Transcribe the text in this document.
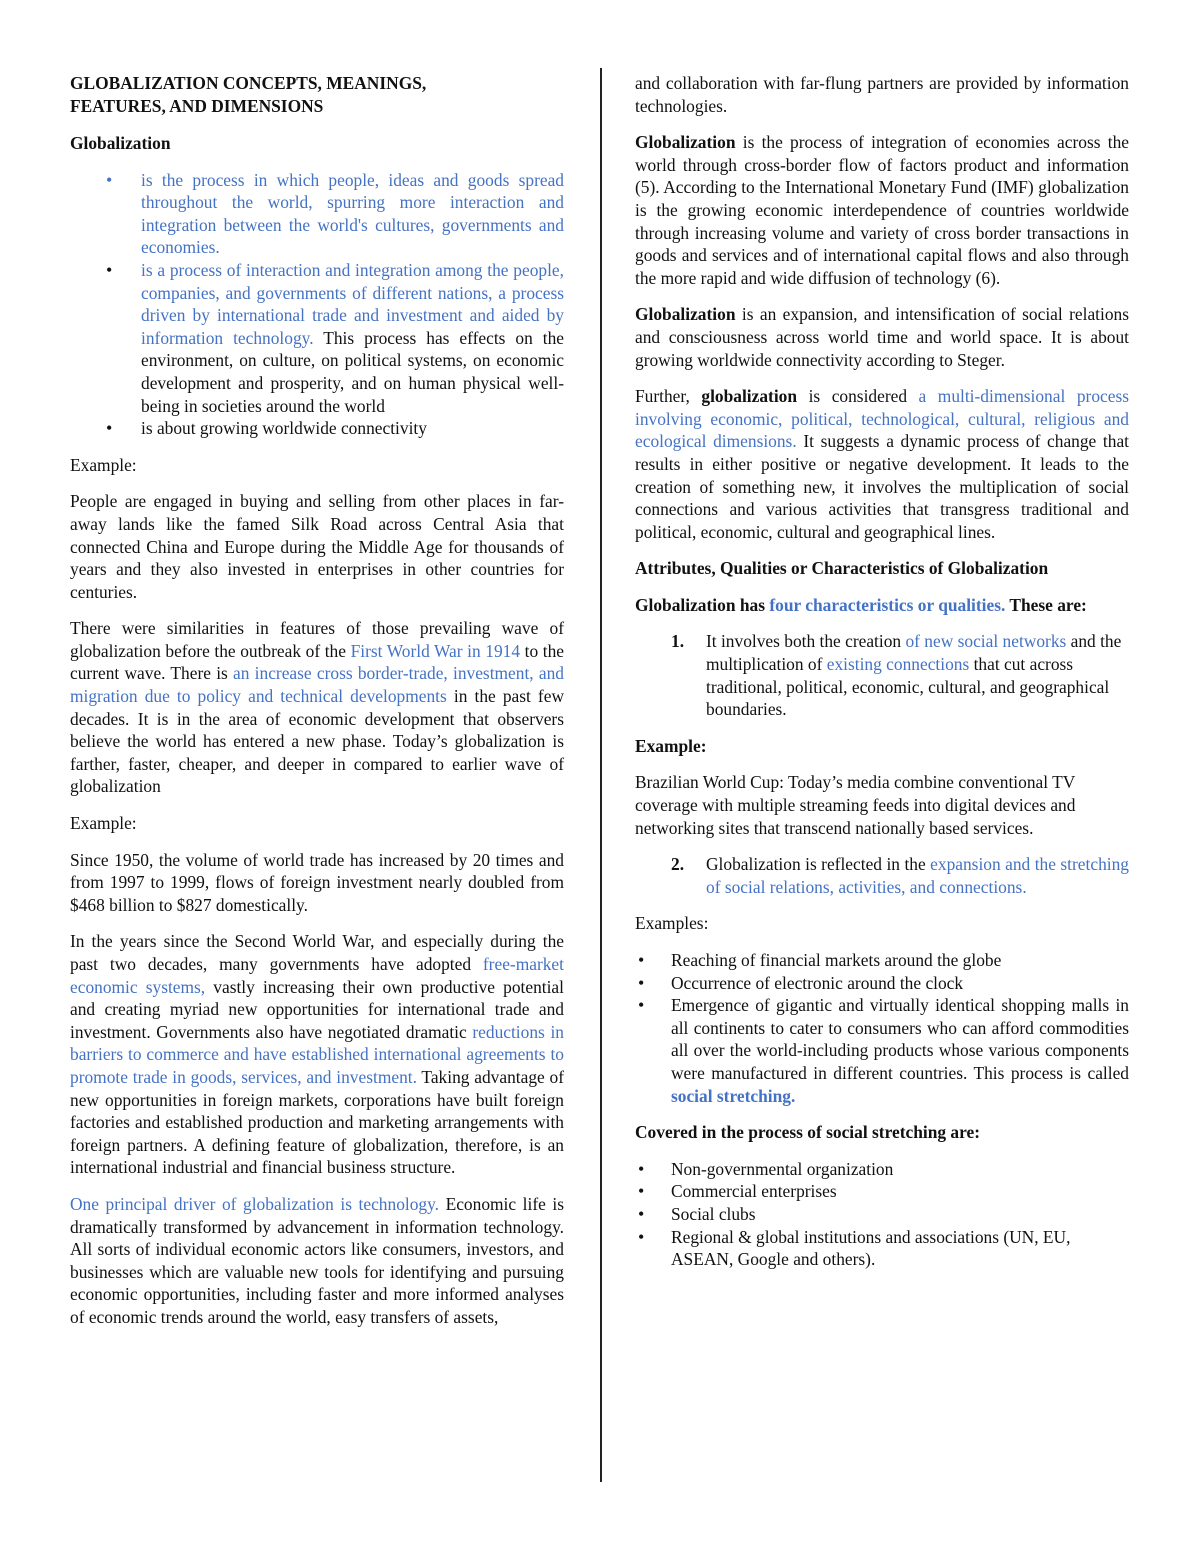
GLOBALIZATION CONCEPTS, MEANINGS,
FEATURES, AND DIMENSIONS
Globalization
• is the process in which people, ideas and goods spread throughout the world, spurring more interaction and integration between the world's cultures, governments and economies.
• is a process of interaction and integration among the people, companies, and governments of different nations, a process driven by international trade and investment and aided by information technology. This process has effects on the environment, on culture, on political systems, on economic development and prosperity, and on human physical well-being in societies around the world
• is about growing worldwide connectivity

Example:

People are engaged in buying and selling from other places in far-away lands like the famed Silk Road across Central Asia that connected China and Europe during the Middle Age for thousands of years and they also invested in enterprises in other countries for centuries.

There were similarities in features of those prevailing wave of globalization before the outbreak of the First World War in 1914 to the current wave. There is an increase cross border-trade, investment, and migration due to policy and technical developments in the past few decades. It is in the area of economic development that observers believe the world has entered a new phase. Today’s globalization is farther, faster, cheaper, and deeper in compared to earlier wave of globalization

Example:

Since 1950, the volume of world trade has increased by 20 times and from 1997 to 1999, flows of foreign investment nearly doubled from $468 billion to $827 domestically.

In the years since the Second World War, and especially during the past two decades, many governments have adopted free-market economic systems, vastly increasing their own productive potential and creating myriad new opportunities for international trade and investment. Governments also have negotiated dramatic reductions in barriers to commerce and have established international agreements to promote trade in goods, services, and investment. Taking advantage of new opportunities in foreign markets, corporations have built foreign factories and established production and marketing arrangements with foreign partners. A defining feature of globalization, therefore, is an international industrial and financial business structure.

One principal driver of globalization is technology. Economic life is dramatically transformed by advancement in information technology. All sorts of individual economic actors like consumers, investors, and businesses which are valuable new tools for identifying and pursuing economic opportunities, including faster and more informed analyses of economic trends around the world, easy transfers of assets,

and collaboration with far-flung partners are provided by information technologies.

Globalization is the process of integration of economies across the world through cross-border flow of factors product and information (5). According to the International Monetary Fund (IMF) globalization is the growing economic interdependence of countries worldwide through increasing volume and variety of cross border transactions in goods and services and of international capital flows and also through the more rapid and wide diffusion of technology (6).

Globalization is an expansion, and intensification of social relations and consciousness across world time and world space. It is about growing worldwide connectivity according to Steger.

Further, globalization is considered a multi-dimensional process involving economic, political, technological, cultural, religious and ecological dimensions. It suggests a dynamic process of change that results in either positive or negative development. It leads to the creation of something new, it involves the multiplication of social connections and various activities that transgress traditional and political, economic, cultural and geographical lines.

Attributes, Qualities or Characteristics of Globalization
Globalization has four characteristics or qualities. These are:
1. It involves both the creation of new social networks and the multiplication of existing connections that cut across traditional, political, economic, cultural, and geographical boundaries.
Example:

Brazilian World Cup: Today’s media combine conventional TV coverage with multiple streaming feeds into digital devices and networking sites that transcend nationally based services.

2. Globalization is reflected in the expansion and the stretching of social relations, activities, and connections.

Examples:

• Reaching of financial markets around the globe
• Occurrence of electronic around the clock
• Emergence of gigantic and virtually identical shopping malls in all continents to cater to consumers who can afford commodities all over the world-including products whose various components were manufactured in different countries. This process is called social stretching.
Covered in the process of social stretching are:
• Non-governmental organization
• Commercial enterprises
• Social clubs
• Regional & global institutions and associations (UN, EU, ASEAN, Google and others).
